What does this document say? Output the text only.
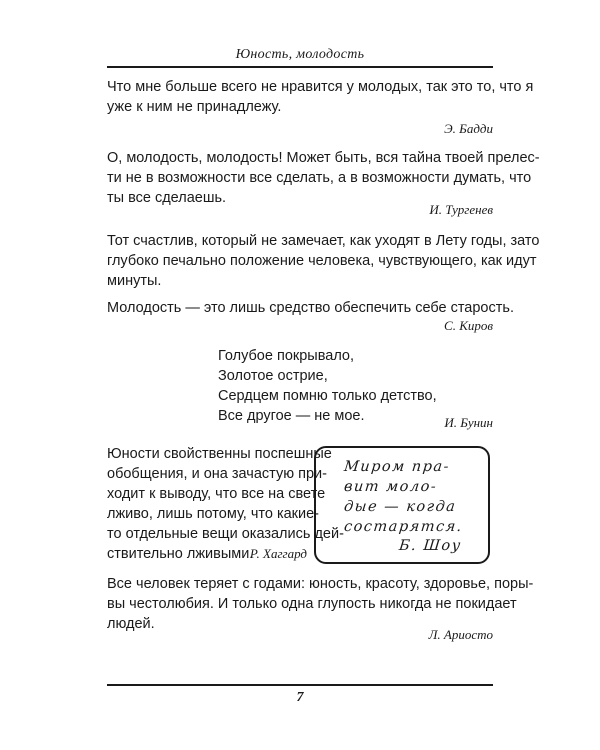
Юность, молодость

Что мне больше всего не нравится у молодых, так это то, что я
уже к ним не принадлежу.

Э. Бадди

О, молодость, молодость! Может быть, вся тайна твоей прелес-
ти не в возможности все сделать, а в возможности думать, что
ты все сделаешь.

И. Тургенев

Тот счастлив, который не замечает, как уходят в Лету годы, зато
глубоко печально положение человека, чувствующего, как идут
минуты.

Молодость — это лишь средство обеспечить себе старость.

С. Киров

Голубое покрывало,
Золотое острие,
Сердцем помню только детство,
Все другое — не мое.	И. Бунин

Юности свойственны поспешные
обобщения, и она зачастую при-
ходит к выводу, что все на свете
лживо, лишь потому, что какие-
то отдельные вещи оказались дей-
ствительно лживыми.

Р. Хаггард

Миром пра-
вит моло-
дые — когда
состарятся.
Б. Шоу

Все человек теряет с годами: юность, красоту, здоровье, поры-
вы честолюбия. И только одна глупость никогда не покидает
людей.

Л. Ариосто

7
